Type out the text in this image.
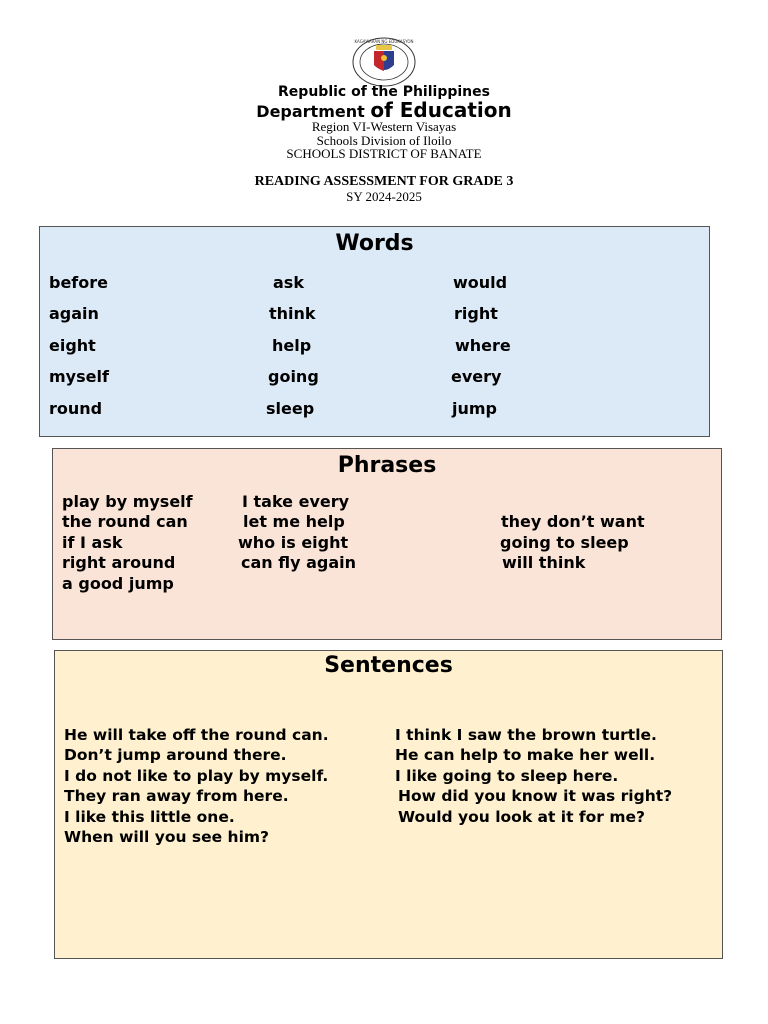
KAGAWARAN NG EDUKASYON
Republic of the Philippines
Department of Education
Region VI-Western Visayas
Schools Division of Iloilo
SCHOOLS DISTRICT OF BANATE
READING ASSESSMENT FOR GRADE 3
SY 2024-2025
Words
before
again
eight
myself
round
ask
think
help
going
sleep
would
right
where
every
jump
Phrases
play by myself
the round can
if I ask
right around
a good jump
I take every
let me help
who is eight
can fly again
they don’t want
going to sleep
will think
Sentences
He will take off the round can.
Don’t jump around there.
I do not like to play by myself.
They ran away from here.
I like this little one.
When will you see him?
I think I saw the brown turtle.
He can help to make her well.
I like going to sleep here.
How did you know it was right?
Would you look at it for me?
